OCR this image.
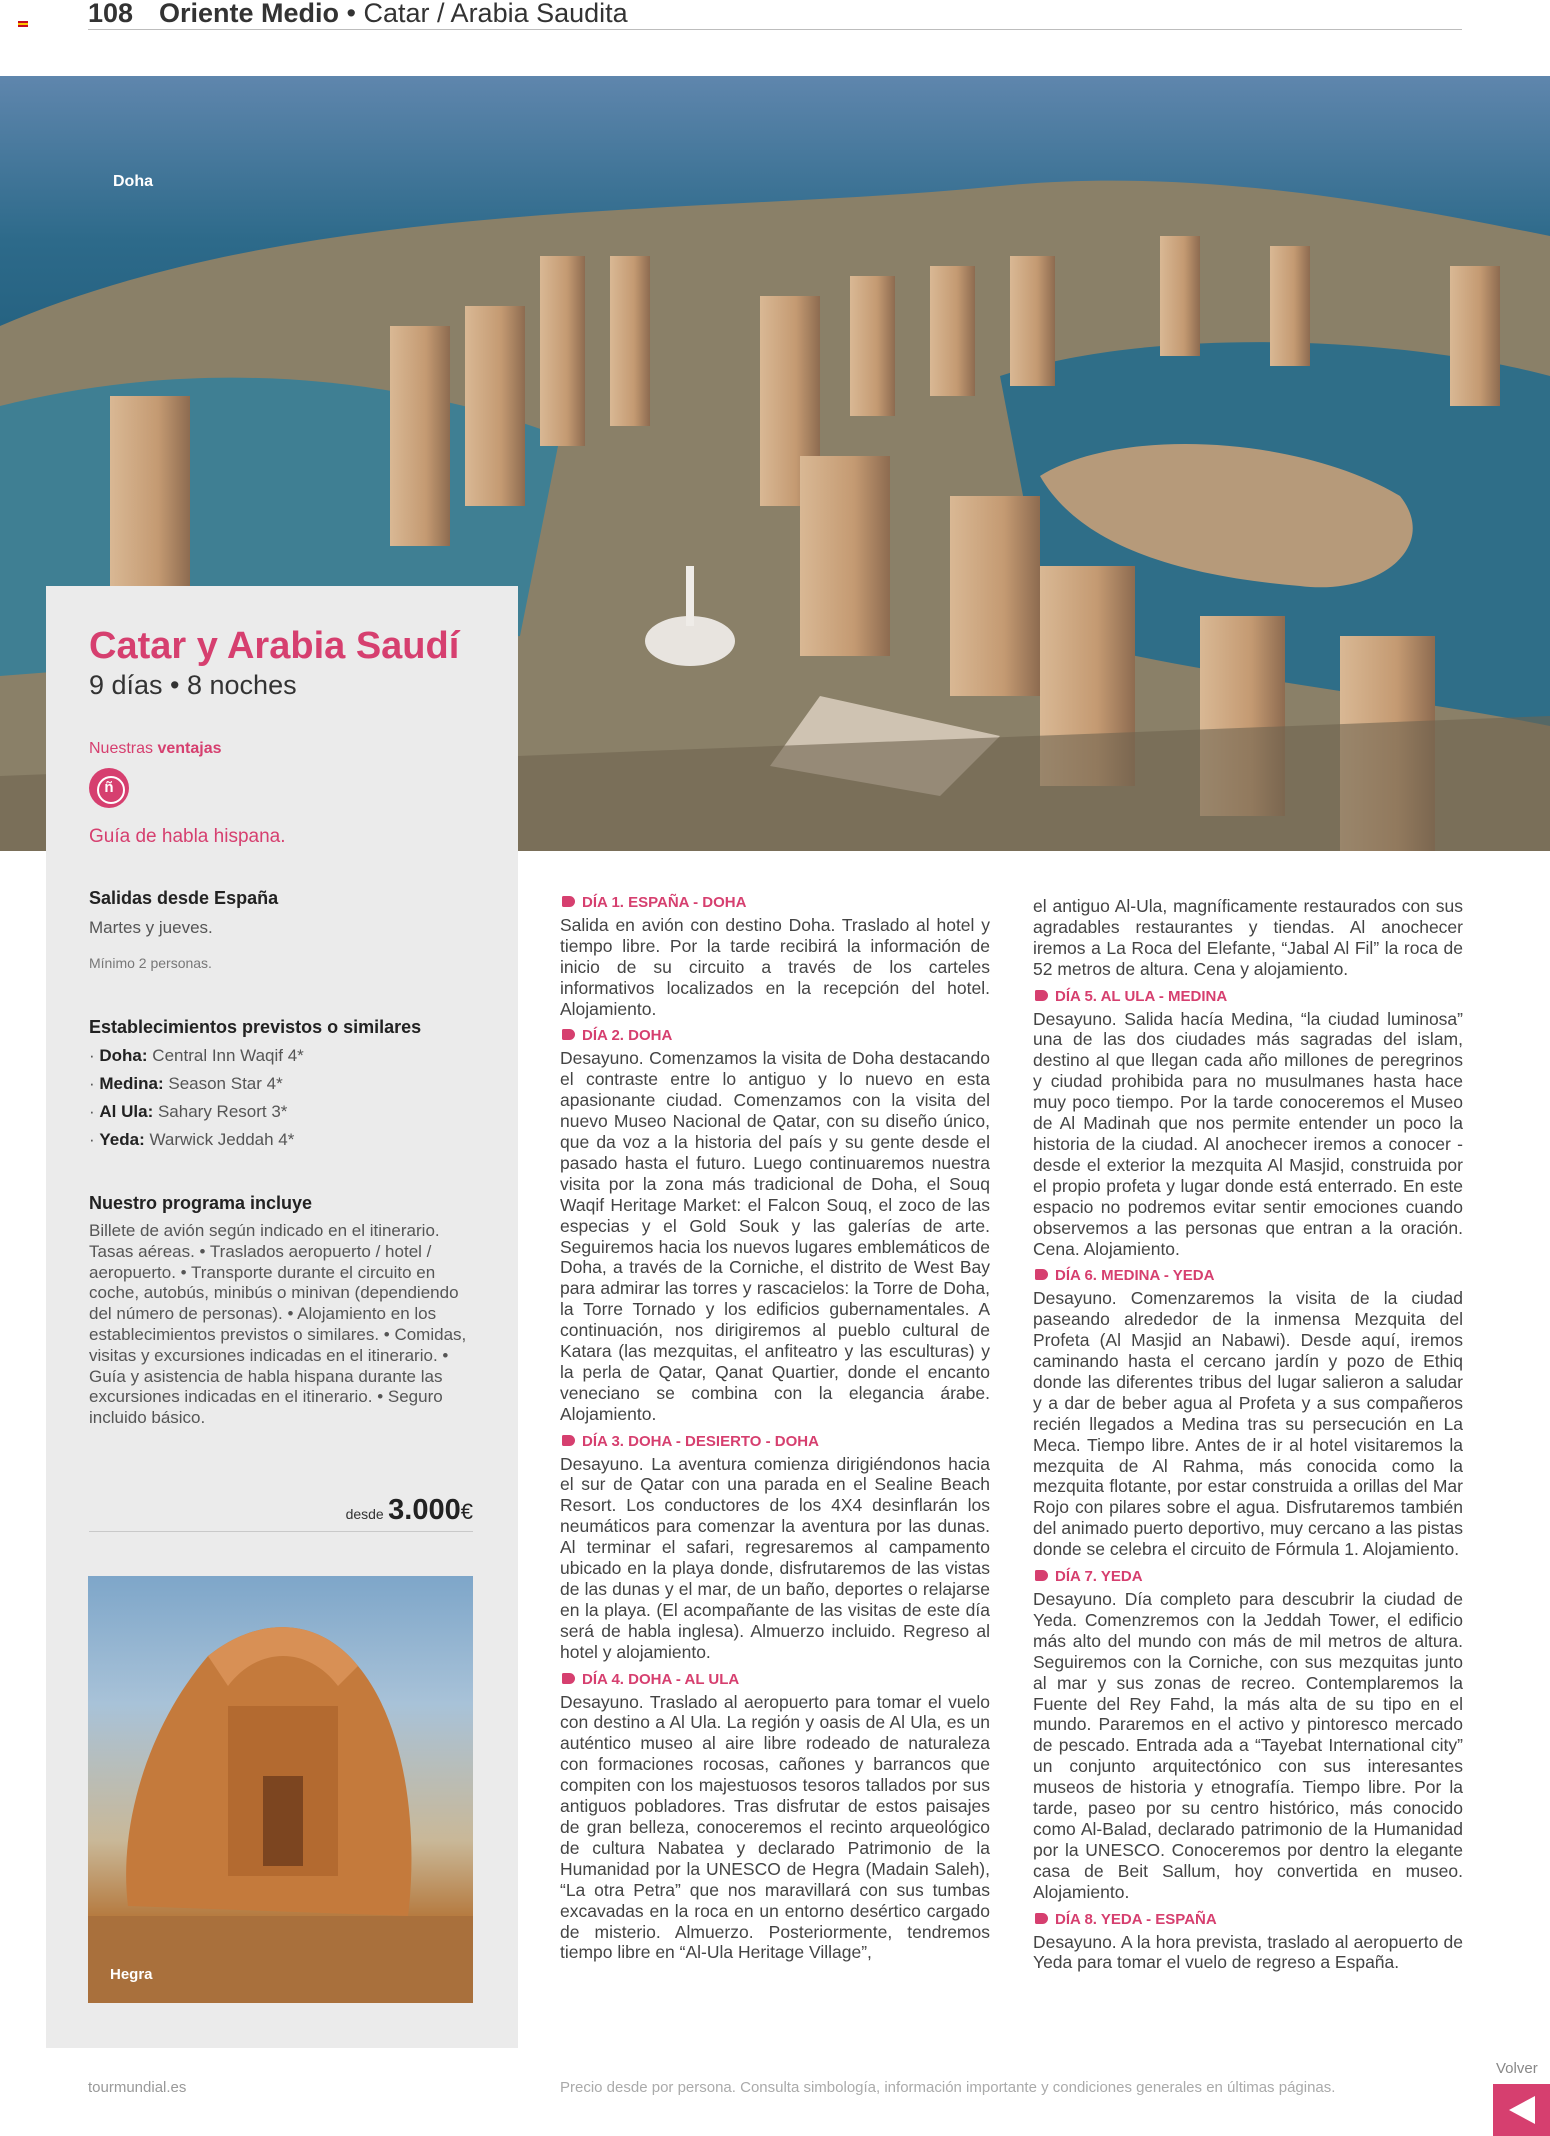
108 Oriente Medio • Catar / Arabia Saudita
Doha
Catar y Arabia Saudí
9 días • 8 noches
Nuestras ventajas
ñ
Guía de habla hispana.
Salidas desde España
Martes y jueves.
Mínimo 2 personas.
Establecimientos previstos o similares
· Doha: Central Inn Waqif 4*
· Medina: Season Star 4*
· Al Ula: Sahary Resort 3*
· Yeda: Warwick Jeddah 4*
Nuestro programa incluye
Billete de avión según indicado en el itinerario. Tasas aéreas. • Traslados aeropuerto / hotel / aeropuerto. • Transporte durante el circuito en coche, autobús, minibús o minivan (dependiendo del número de personas). • Alojamiento en los establecimientos previstos o similares. • Comidas, visitas y excursiones indicadas en el itinerario. • Guía y asistencia de habla hispana durante las excursiones indicadas en el itinerario. • Seguro incluido básico.
desde 3.000€
Hegra
DÍA 1. ESPAÑA - DOHA
Salida en avión con destino Doha. Traslado al hotel y tiempo libre. Por la tarde recibirá la información de inicio de su circuito a través de los carteles informativos localizados en la recepción del hotel. Alojamiento.
DÍA 2. DOHA
Desayuno. Comenzamos la visita de Doha destacando el contraste entre lo antiguo y lo nuevo en esta apasionante ciudad. Comenzamos con la visita del nuevo Museo Nacional de Qatar, con su diseño único, que da voz a la historia del país y su gente desde el pasado hasta el futuro. Luego continuaremos nuestra visita por la zona más tradicional de Doha, el Souq Waqif Heritage Market: el Falcon Souq, el zoco de las especias y el Gold Souk y las galerías de arte. Seguiremos hacia los nuevos lugares emblemáticos de Doha, a través de la Corniche, el distrito de West Bay para admirar las torres y rascacielos: la Torre de Doha, la Torre Tornado y los edificios gubernamentales. A continuación, nos dirigiremos al pueblo cultural de Katara (las mezquitas, el anfiteatro y las esculturas) y la perla de Qatar, Qanat Quartier, donde el encanto veneciano se combina con la elegancia árabe. Alojamiento.
DÍA 3. DOHA - DESIERTO - DOHA
Desayuno. La aventura comienza dirigiéndonos hacia el sur de Qatar con una parada en el Sealine Beach Resort. Los conductores de los 4X4 desinflarán los neumáticos para comenzar la aventura por las dunas. Al terminar el safari, regresaremos al campamento ubicado en la playa donde, disfrutaremos de las vistas de las dunas y el mar, de un baño, deportes o relajarse en la playa. (El acompañante de las visitas de este día será de habla inglesa). Almuerzo incluido. Regreso al hotel y alojamiento.
DÍA 4. DOHA - AL ULA
Desayuno. Traslado al aeropuerto para tomar el vuelo con destino a Al Ula. La región y oasis de Al Ula, es un auténtico museo al aire libre rodeado de naturaleza con formaciones rocosas, cañones y barrancos que compiten con los majestuosos tesoros tallados por sus antiguos pobladores. Tras disfrutar de estos paisajes de gran belleza, conoceremos el recinto arqueológico de cultura Nabatea y declarado Patrimonio de la Humanidad por la UNESCO de Hegra (Madain Saleh), “La otra Petra” que nos maravillará con sus tumbas excavadas en la roca en un entorno desértico cargado de misterio. Almuerzo. Posteriormente, tendremos tiempo libre en “Al-Ula Heritage Village”,
el antiguo Al-Ula, magníficamente restaurados con sus agradables restaurantes y tiendas. Al anochecer iremos a La Roca del Elefante, “Jabal Al Fil” la roca de 52 metros de altura. Cena y alojamiento.
DÍA 5. AL ULA - MEDINA
Desayuno. Salida hacía Medina, “la ciudad luminosa” una de las dos ciudades más sagradas del islam, destino al que llegan cada año millones de peregrinos y ciudad prohibida para no musulmanes hasta hace muy poco tiempo. Por la tarde conoceremos el Museo de Al Madinah que nos permite entender un poco la historia de la ciudad. Al anochecer iremos a conocer - desde el exterior la mezquita Al Masjid, construida por el propio profeta y lugar donde está enterrado. En este espacio no podremos evitar sentir emociones cuando observemos a las personas que entran a la oración. Cena. Alojamiento.
DÍA 6. MEDINA - YEDA
Desayuno. Comenzaremos la visita de la ciudad paseando alrededor de la inmensa Mezquita del Profeta (Al Masjid an Nabawi). Desde aquí, iremos caminando hasta el cercano jardín y pozo de Ethiq donde las diferentes tribus del lugar salieron a saludar y a dar de beber agua al Profeta y a sus compañeros recién llegados a Medina tras su persecución en La Meca. Tiempo libre. Antes de ir al hotel visitaremos la mezquita de Al Rahma, más conocida como la mezquita flotante, por estar construida a orillas del Mar Rojo con pilares sobre el agua. Disfrutaremos también del animado puerto deportivo, muy cercano a las pistas donde se celebra el circuito de Fórmula 1. Alojamiento.
DÍA 7. YEDA
Desayuno. Día completo para descubrir la ciudad de Yeda. Comenzremos con la Jeddah Tower, el edificio más alto del mundo con más de mil metros de altura. Seguiremos con la Corniche, con sus mezquitas junto al mar y sus zonas de recreo. Contemplaremos la Fuente del Rey Fahd, la más alta de su tipo en el mundo. Pararemos en el activo y pintoresco mercado de pescado. Entrada ada a “Tayebat International city” un conjunto arquitectónico con sus interesantes museos de historia y etnografía. Tiempo libre. Por la tarde, paseo por su centro histórico, más conocido como Al-Balad, declarado patrimonio de la Humanidad por la UNESCO. Conoceremos por dentro la elegante casa de Beit Sallum, hoy convertida en museo. Alojamiento.
DÍA 8. YEDA - ESPAÑA
Desayuno. A la hora prevista, traslado al aeropuerto de Yeda para tomar el vuelo de regreso a España.
tourmundial.es	Precio desde por persona. Consulta simbología, información importante y condiciones generales en últimas páginas.
Volver
